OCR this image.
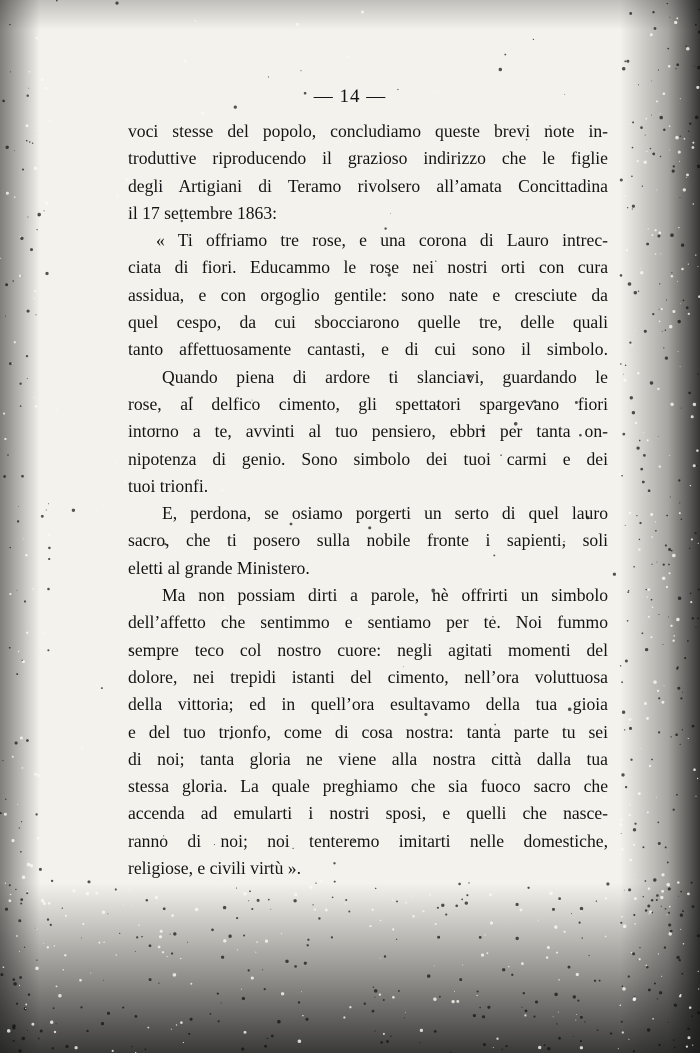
— 14 —
voci stesse del popolo, concludiamo queste brevi note in-
troduttive riproducendo il grazioso indirizzo che le figlie
degli Artigiani di Teramo rivolsero all’amata Concittadina
il 17 settembre 1863:
« Ti offriamo tre rose, e una corona di Lauro intrec-
ciata di fiori. Educammo le rose nei nostri orti con cura
assidua, e con orgoglio gentile: sono nate e cresciute da
quel cespo, da cui sbocciarono quelle tre, delle quali
tanto affettuosamente cantasti, e di cui sono il simbolo.
Quando piena di ardore ti slanciavi, guardando le
rose, al delfico cimento, gli spettatori spargevano fiori
intorno a te, avvinti al tuo pensiero, ebbri per tanta on-
nipotenza di genio. Sono simbolo dei tuoi carmi e dei
tuoi trionfi.
E, perdona, se osiamo porgerti un serto di quel lauro
sacro, che ti posero sulla nobile fronte i sapienti, soli
eletti al grande Ministero.
Ma non possiam dirti a parole, nè offrirti un simbolo
dell’affetto che sentimmo e sentiamo per te. Noi fummo
sempre teco col nostro cuore: negli agitati momenti del
dolore, nei trepidi istanti del cimento, nell’ora voluttuosa
della vittoria; ed in quell’ora esultavamo della tua gioia
e del tuo trionfo, come di cosa nostra: tanta parte tu sei
di noi; tanta gloria ne viene alla nostra città dalla tua
stessa gloria. La quale preghiamo che sia fuoco sacro che
accenda ad emularti i nostri sposi, e quelli che nasce-
ranno di noi; noi tenteremo imitarti nelle domestiche,
religiose, e civili virtù ».
